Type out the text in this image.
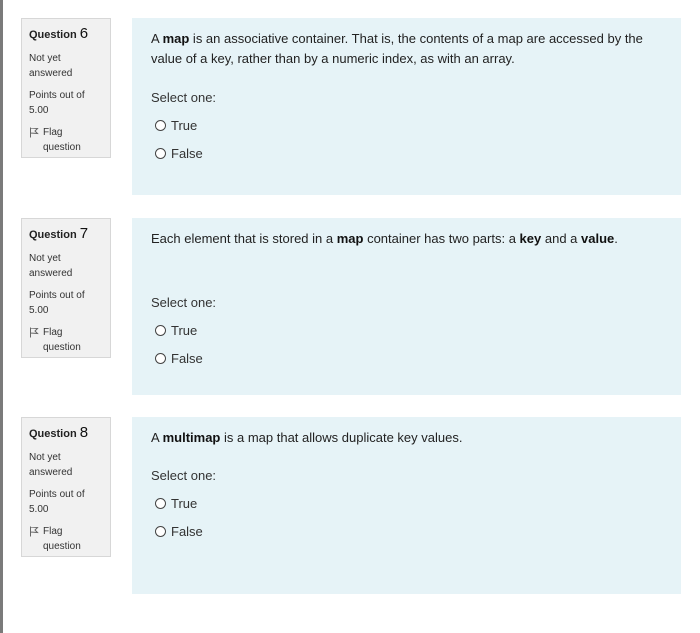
Question 6
Not yet answered
Points out of 5.00
Flag question

A map is an associative container. That is, the contents of a map are accessed by the value of a key, rather than by a numeric index, as with an array.

Select one:
True
False
Question 7
Not yet answered
Points out of 5.00
Flag question

Each element that is stored in a map container has two parts: a key and a value.

Select one:
True
False
Question 8
Not yet answered
Points out of 5.00
Flag question

A multimap is a map that allows duplicate key values.

Select one:
True
False
